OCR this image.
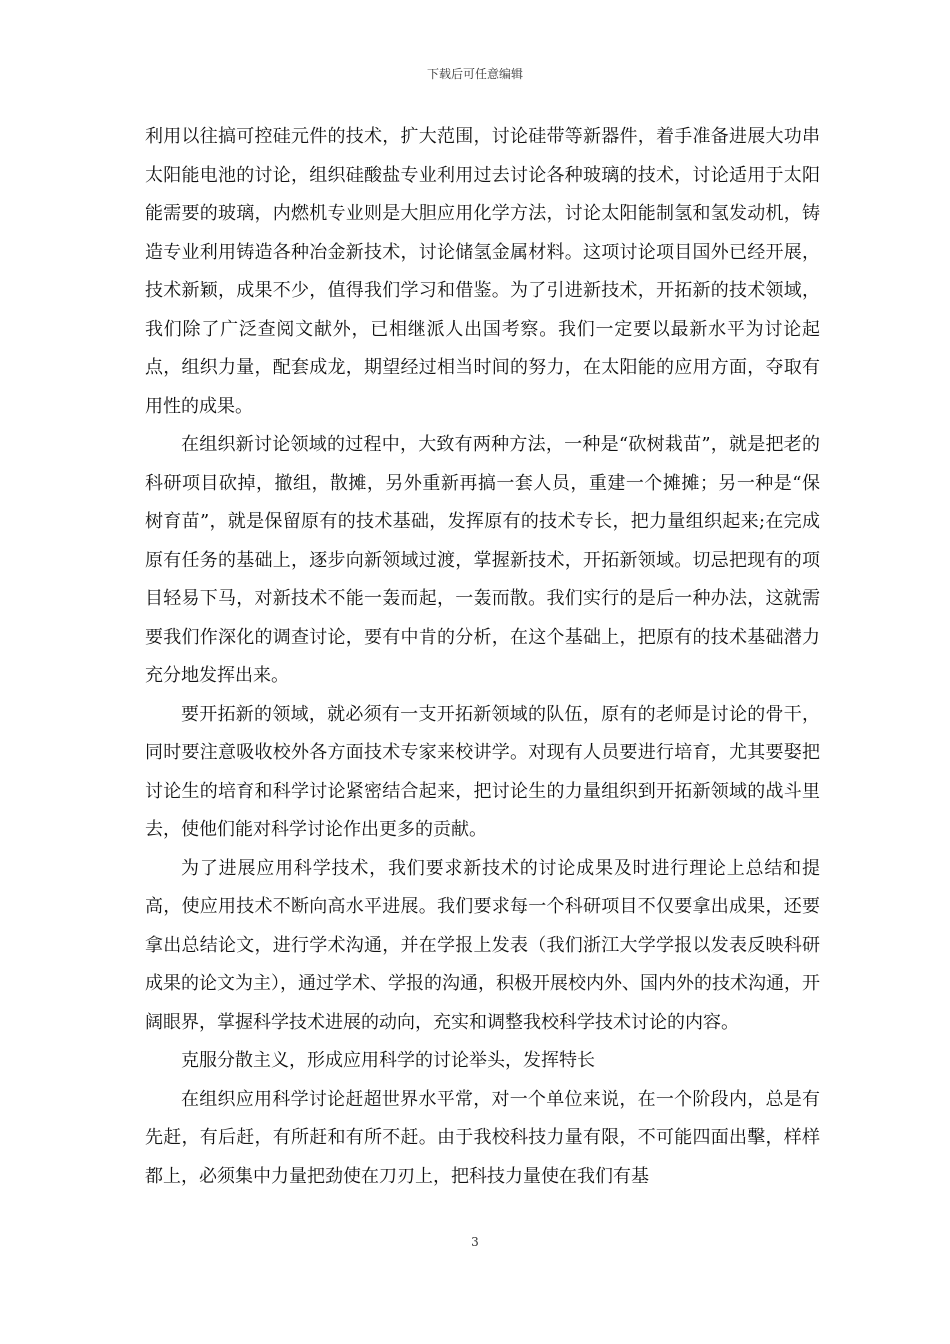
下载后可任意编辑

利用以往搞可控硅元件的技术，扩大范围，讨论硅带等新器件，着手准备进展大功串太阳能电池的讨论，组织硅酸盐专业利用过去讨论各种玻璃的技术，讨论适用于太阳能需要的玻璃，内燃机专业则是大胆应用化学方法，讨论太阳能制氢和氢发动机，铸造专业利用铸造各种冶金新技术，讨论储氢金属材料。这项讨论项目国外已经开展，技术新颖，成果不少，值得我们学习和借鉴。为了引进新技术，开拓新的技术领域，我们除了广泛查阅文献外，已相继派人出国考察。我们一定要以最新水平为讨论起点，组织力量，配套成龙，期望经过相当时间的努力，在太阳能的应用方面，夺取有用性的成果。

在组织新讨论领域的过程中，大致有两种方法，一种是“砍树栽苗”，就是把老的科研项目砍掉，撤组，散摊，另外重新再搞一套人员，重建一个摊摊；另一种是“保树育苗”，就是保留原有的技术基础，发挥原有的技术专长，把力量组织起来;在完成原有任务的基础上，逐步向新领域过渡，掌握新技术，开拓新领域。切忌把现有的项目轻易下马，对新技术不能一轰而起，一轰而散。我们实行的是后一种办法，这就需要我们作深化的调查讨论，要有中肯的分析，在这个基础上，把原有的技术基础潜力充分地发挥出来。

要开拓新的领域，就必须有一支开拓新领域的队伍，原有的老师是讨论的骨干，同时要注意吸收校外各方面技术专家来校讲学。对现有人员要进行培育，尤其要娶把讨论生的培育和科学讨论紧密结合起来，把讨论生的力量组织到开拓新领域的战斗里去，使他们能对科学讨论作出更多的贡献。

为了进展应用科学技术，我们要求新技术的讨论成果及时进行理论上总结和提高，使应用技术不断向高水平进展。我们要求每一个科研项目不仅要拿出成果，还要拿出总结论文，进行学术沟通，并在学报上发表（我们浙江大学学报以发表反映科研成果的论文为主），通过学术、学报的沟通，积极开展校内外、国内外的技术沟通，开阔眼界，掌握科学技术进展的动向，充实和调整我校科学技术讨论的内容。

克服分散主义，形成应用科学的讨论举头，发挥特长

在组织应用科学讨论赶超世界水平常，对一个单位来说，在一个阶段内，总是有先赶，有后赶，有所赶和有所不赶。由于我校科技力量有限，不可能四面出擊，样样都上，必须集中力量把劲使在刀刃上，把科技力量使在我们有基

3
